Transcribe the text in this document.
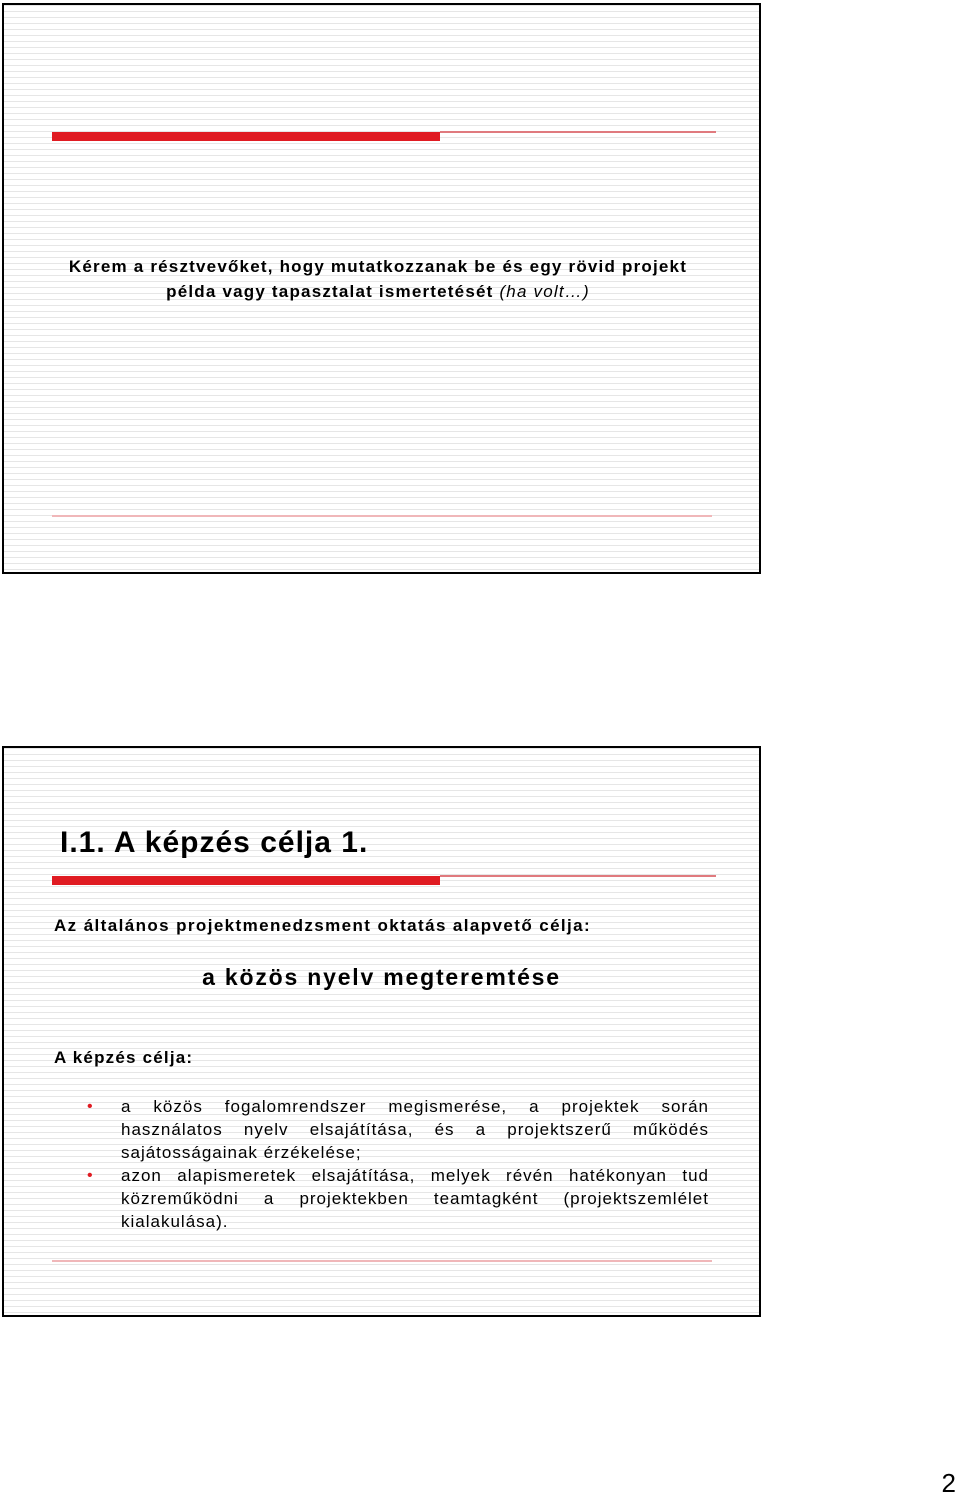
Kérem a résztvevőket, hogy mutatkozzanak be és egy rövid projekt példa vagy tapasztalat ismertetését (ha volt…)
I.1. A képzés célja 1.
Az általános projektmenedzsment oktatás alapvető célja:
a közös nyelv megteremtése
A képzés célja:
• a közös fogalomrendszer megismerése, a projektek során használatos nyelv elsajátítása, és a projektszerű működés sajátosságainak érzékelése;
• azon alapismeretek elsajátítása, melyek révén hatékonyan tud közreműködni a projektekben teamtagként (projektszemlélet kialakulása).
2
